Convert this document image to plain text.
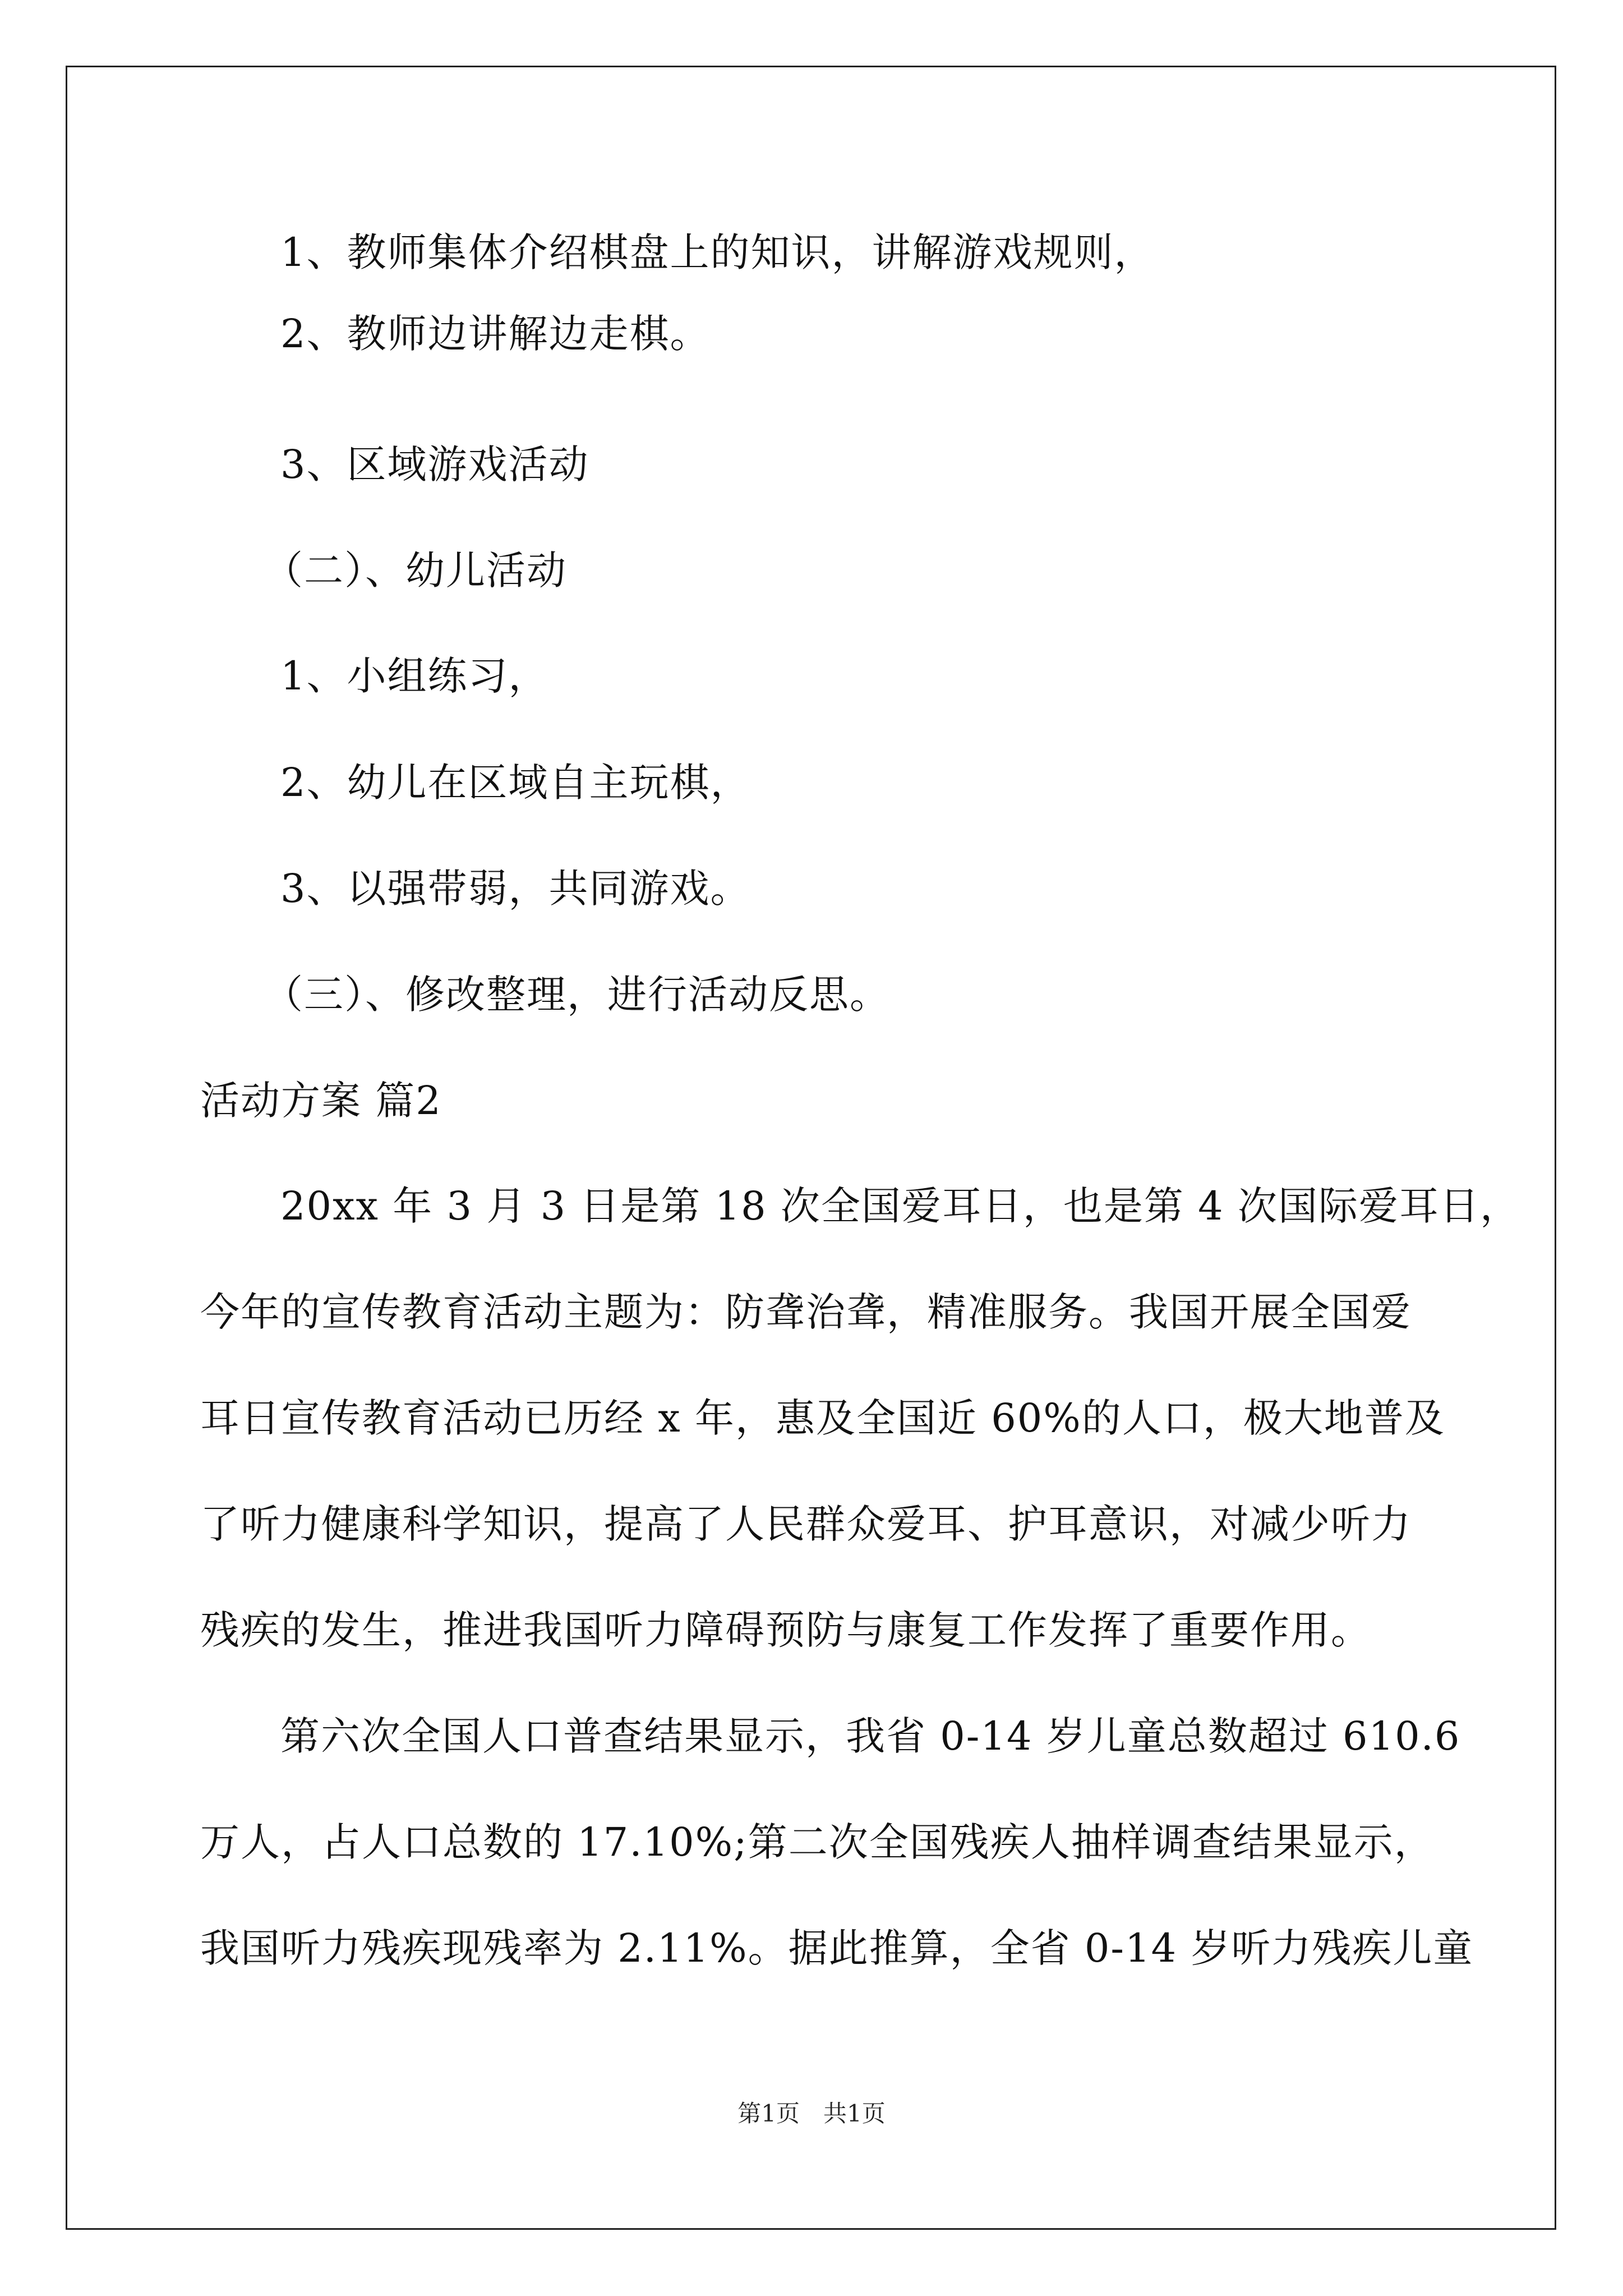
1、教师集体介绍棋盘上的知识，讲解游戏规则，
2、教师边讲解边走棋。
3、区域游戏活动
（二）、幼儿活动
1、小组练习，
2、幼儿在区域自主玩棋，
3、以强带弱，共同游戏。
（三）、修改整理，进行活动反思。
活动方案 篇2
20xx 年 3 月 3 日是第 18 次全国爱耳日，也是第 4 次国际爱耳日，
今年的宣传教育活动主题为：防聋治聋，精准服务。我国开展全国爱
耳日宣传教育活动已历经 x 年，惠及全国近 60%的人口，极大地普及
了听力健康科学知识，提高了人民群众爱耳、护耳意识，对减少听力
残疾的发生，推进我国听力障碍预防与康复工作发挥了重要作用。
第六次全国人口普查结果显示，我省 0-14 岁儿童总数超过 610.6
万人，占人口总数的 17.10%;第二次全国残疾人抽样调查结果显示，
我国听力残疾现残率为 2.11%。据此推算，全省 0-14 岁听力残疾儿童
第1页　共1页
